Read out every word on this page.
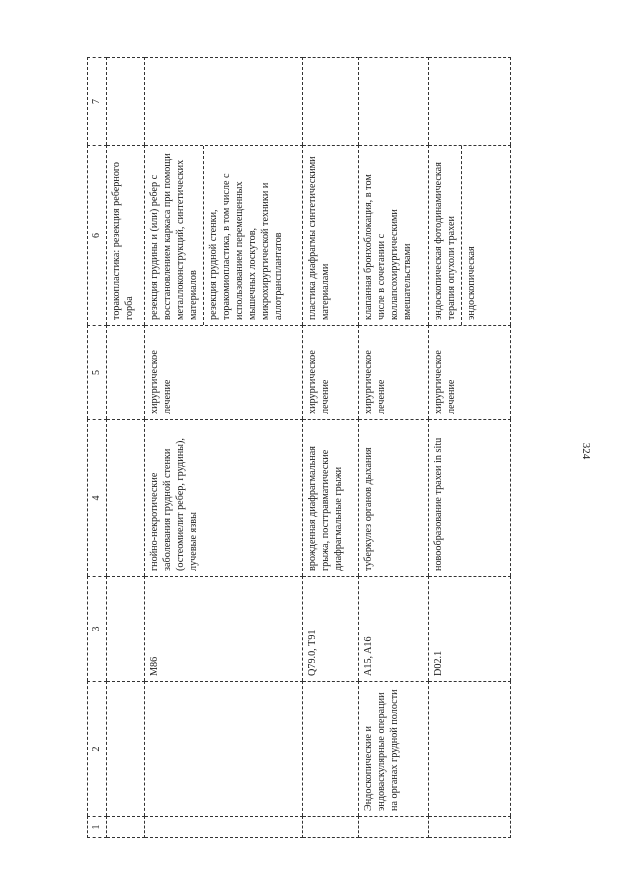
324
1	2	3	4	5	6	7

					торакопластика: резекция реберного горба	

		M86	гнойно-некротические заболевания грудной стенки (остеомиелит ребер, грудины), лучевые язвы	хирургическое лечение	резекция грудины и (или) ребер с восстановлением каркаса при помощи металлоконструкций, синтетических материалов резекция грудной стенки, торакомиопластика, в том числе с использованием перемещенных мышечных лоскутов, микрохирургической техники и аллотрансплантатов	

		Q79.0, T91	врожденная диафрагмальная грыжа, посттравматические диафрагмальные грыжи	хирургическое лечение	пластика диафрагмы синтетическими материалами	

	Эндоскопические и эндоваскулярные операции на органах грудной полости	A15, A16	туберкулез органов дыхания	хирургическое лечение	клапанная бронхоблокация, в том числе в сочетании с коллапсохирургическими вмешательствами	

		D02.1	новообразование трахеи in situ	хирургическое лечение	эндоскопическая фотодинамическая терапия опухоли трахеи эндоскопическая	
